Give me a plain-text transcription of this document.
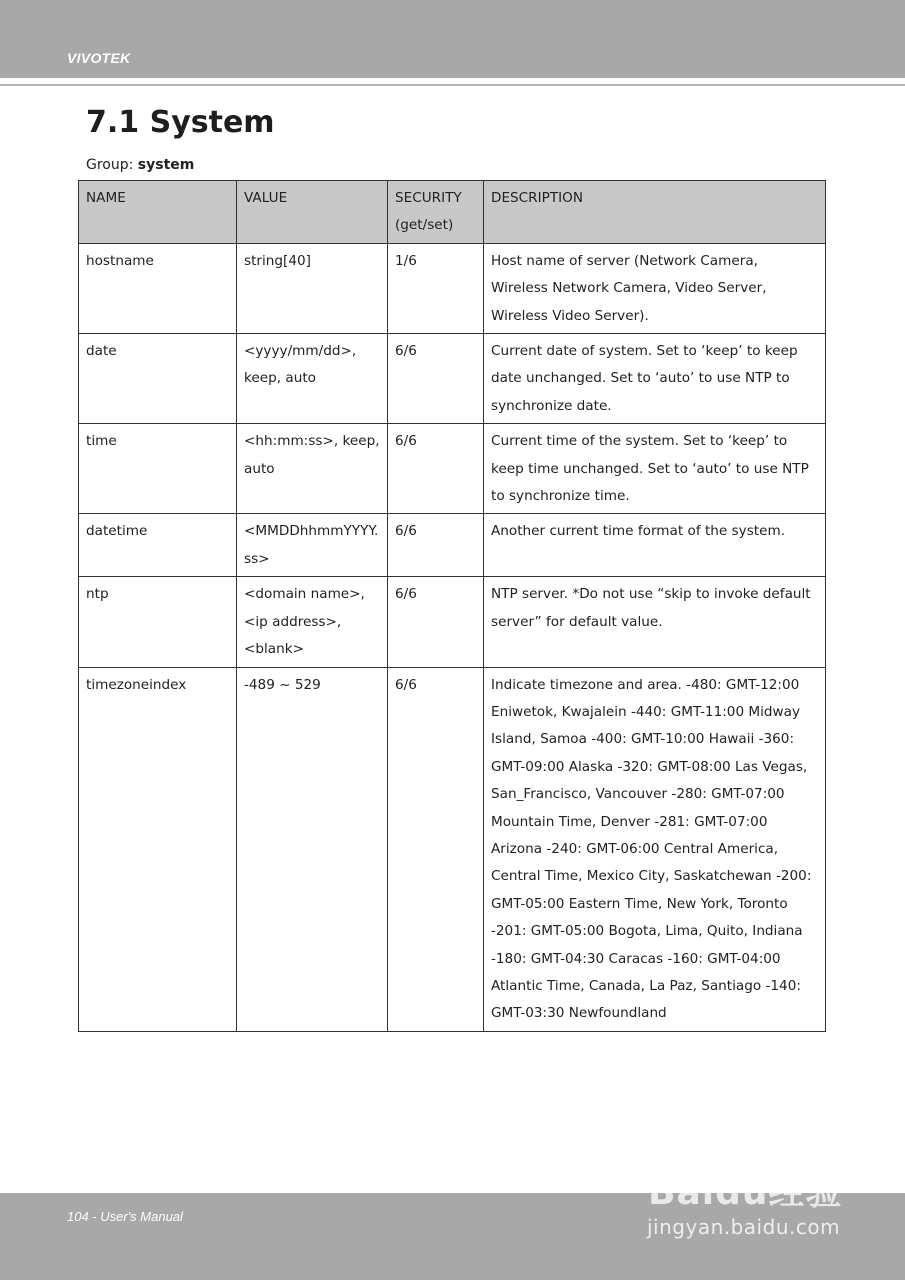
VIVOTEK
7.1 System
Group: system
NAME	VALUE	SECURITY (get/set)	DESCRIPTION
hostname	string[40]	1/6	Host name of server (Network Camera, Wireless Network Camera, Video Server, Wireless Video Server).
date	<yyyy/mm/dd>, keep, auto	6/6	Current date of system. Set to ‘keep’ to keep date unchanged. Set to ‘auto’ to use NTP to synchronize date.
time	<hh:mm:ss>, keep, auto	6/6	Current time of the system. Set to ‘keep’ to keep time unchanged. Set to ‘auto’ to use NTP to synchronize time.
datetime	<MMDDhhmmYYYY.ss>	6/6	Another current time format of the system.
ntp	<domain name>, <ip address>, <blank>	6/6	NTP server. *Do not use “skip to invoke default server” for default value.
timezoneindex	-489 ~ 529	6/6	Indicate timezone and area. -480: GMT-12:00 Eniwetok, Kwajalein -440: GMT-11:00 Midway Island, Samoa -400: GMT-10:00 Hawaii -360: GMT-09:00 Alaska -320: GMT-08:00 Las Vegas, San_Francisco, Vancouver -280: GMT-07:00 Mountain Time, Denver -281: GMT-07:00 Arizona -240: GMT-06:00 Central America, Central Time, Mexico City, Saskatchewan -200: GMT-05:00 Eastern Time, New York, Toronto -201: GMT-05:00 Bogota, Lima, Quito, Indiana -180: GMT-04:30 Caracas -160: GMT-04:00 Atlantic Time, Canada, La Paz, Santiago -140: GMT-03:30 Newfoundland
104 - User's Manual
Baidu经验
jingyan.baidu.com
